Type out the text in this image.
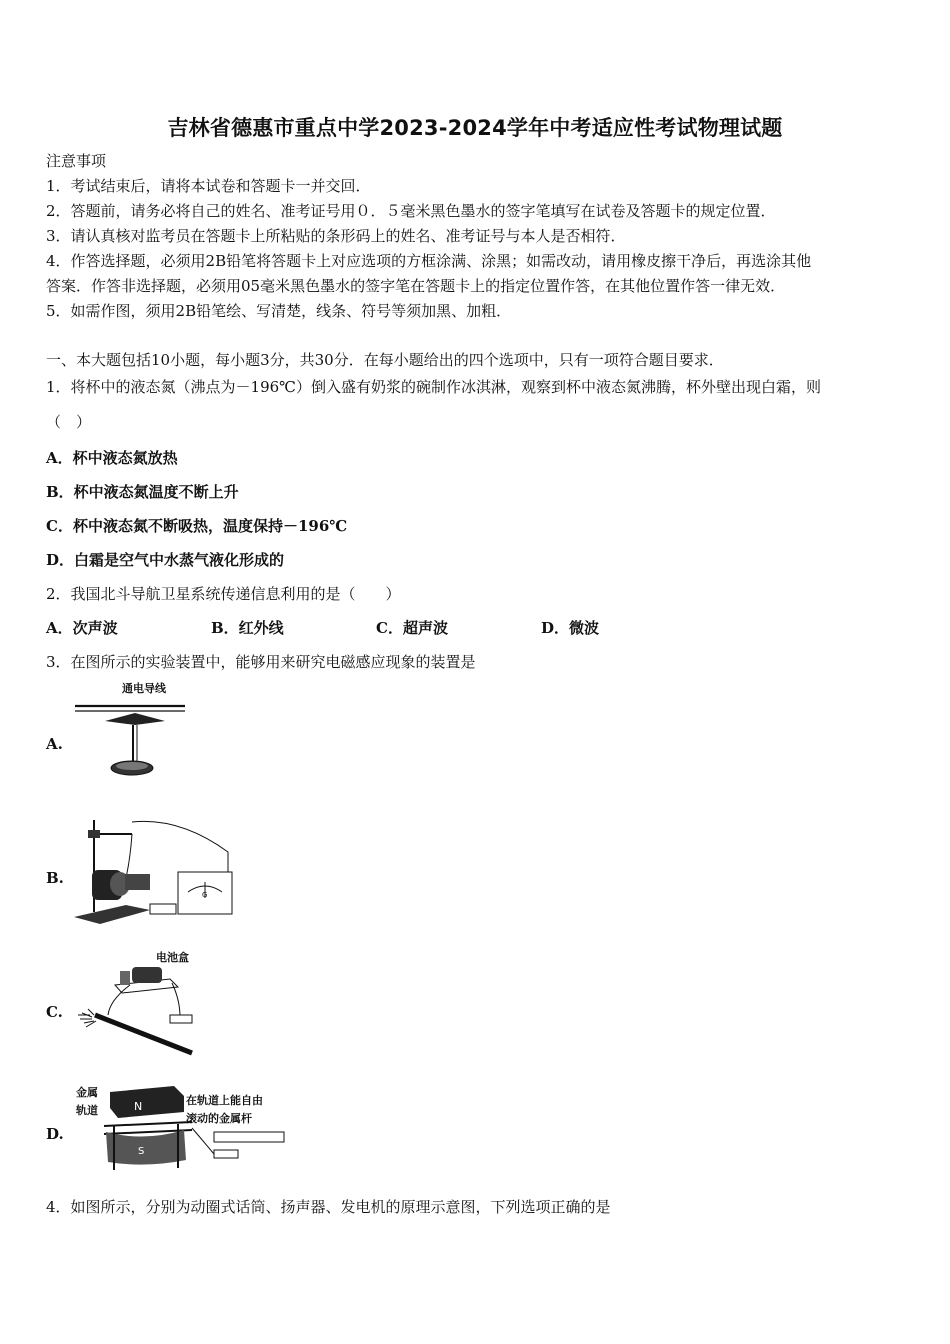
吉林省德惠市重点中学2023-2024学年中考适应性考试物理试题
注意事项
1．考试结束后，请将本试卷和答题卡一并交回．
2．答题前，请务必将自己的姓名、准考证号用０．５毫米黑色墨水的签字笔填写在试卷及答题卡的规定位置．
3．请认真核对监考员在答题卡上所粘贴的条形码上的姓名、准考证号与本人是否相符．
4．作答选择题，必须用2B铅笔将答题卡上对应选项的方框涂满、涂黑；如需改动，请用橡皮擦干净后，再选涂其他
答案．作答非选择题，必须用05毫米黑色墨水的签字笔在答题卡上的指定位置作答，在其他位置作答一律无效．
5．如需作图，须用2B铅笔绘、写清楚，线条、符号等须加黑、加粗．
一、本大题包括10小题，每小题3分，共30分．在每小题给出的四个选项中，只有一项符合题目要求．
1．将杯中的液态氮（沸点为－196℃）倒入盛有奶浆的碗制作冰淇淋，观察到杯中液态氮沸腾，杯外壁出现白霜，则
（　）
A．杯中液态氮放热
B．杯中液态氮温度不断上升
C．杯中液态氮不断吸热，温度保持－196℃
D．白霜是空气中水蒸气液化形成的
2．我国北斗导航卫星系统传递信息利用的是（　　）
A．次声波	B．红外线	C．超声波	D．微波
3．在图所示的实验装置中，能够用来研究电磁感应现象的装置是
A.
通电导线
B.
G
C.
电池盒
D.
金属
轨道	N	在轨道上能自由
滚动的金属杆
S
4．如图所示，分别为动圈式话筒、扬声器、发电机的原理示意图，下列选项正确的是
